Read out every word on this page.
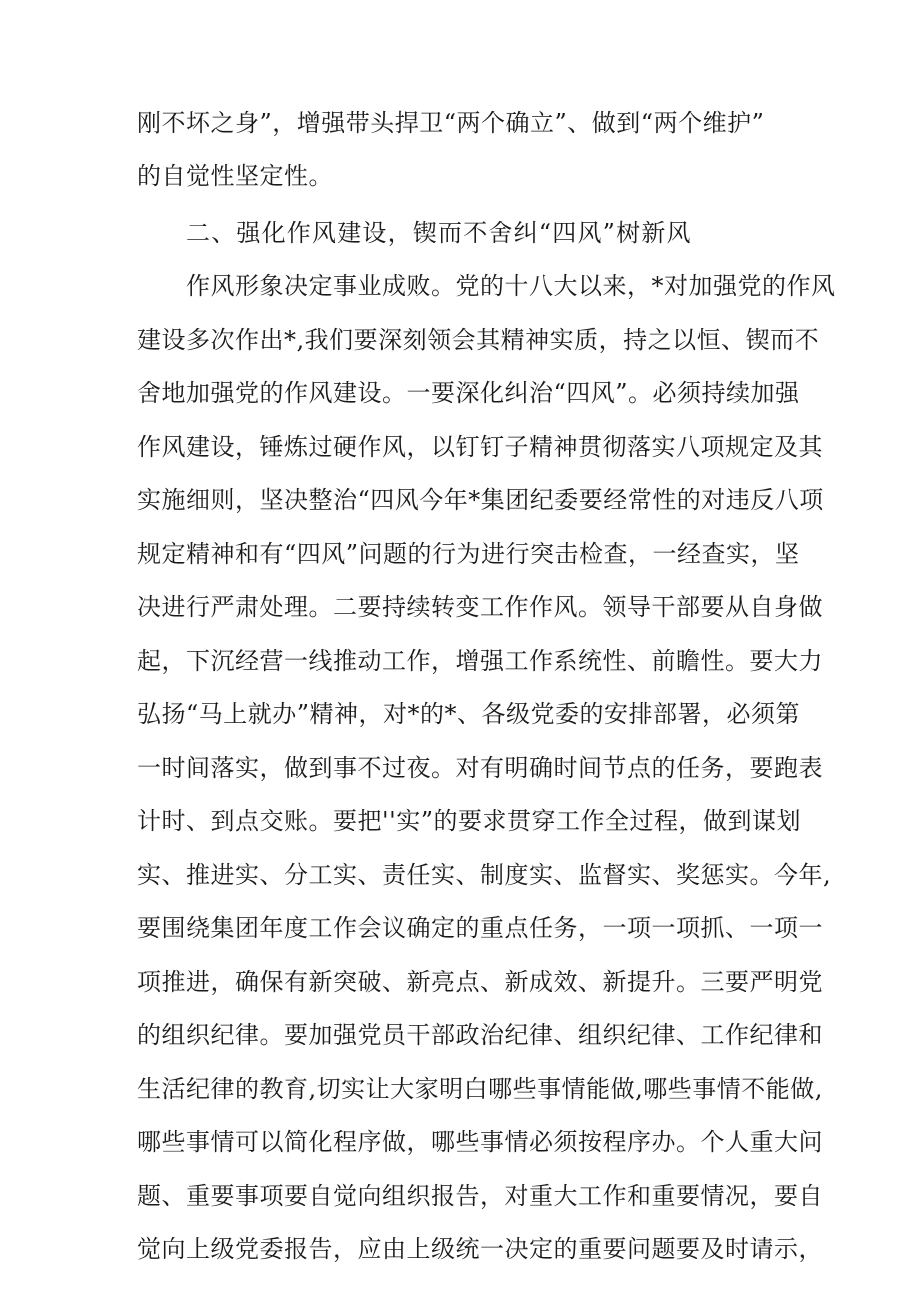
刚不坏之身”，增强带头捍卫“两个确立”、做到“两个维护”
的自觉性坚定性。
二、强化作风建设，锲而不舍纠“四风”树新风
作风形象决定事业成败。党的十八大以来，*对加强党的作风
建设多次作出*,我们要深刻领会其精神实质，持之以恒、锲而不
舍地加强党的作风建设。一要深化纠治“四风”。必须持续加强
作风建设，锤炼过硬作风，以钉钉子精神贯彻落实八项规定及其
实施细则，坚决整治“四风今年*集团纪委要经常性的对违反八项
规定精神和有“四风”问题的行为进行突击检查，一经查实，坚
决进行严肃处理。二要持续转变工作作风。领导干部要从自身做
起，下沉经营一线推动工作，增强工作系统性、前瞻性。要大力
弘扬“马上就办”精神，对*的*、各级党委的安排部署，必须第
一时间落实，做到事不过夜。对有明确时间节点的任务，要跑表
计时、到点交账。要把''实”的要求贯穿工作全过程，做到谋划
实、推进实、分工实、责任实、制度实、监督实、奖惩实。今年,
要围绕集团年度工作会议确定的重点任务，一项一项抓、一项一
项推进，确保有新突破、新亮点、新成效、新提升。三要严明党
的组织纪律。要加强党员干部政治纪律、组织纪律、工作纪律和
生活纪律的教育,切实让大家明白哪些事情能做,哪些事情不能做,
哪些事情可以简化程序做，哪些事情必须按程序办。个人重大问
题、重要事项要自觉向组织报告，对重大工作和重要情况，要自
觉向上级党委报告，应由上级统一决定的重要问题要及时请示，
